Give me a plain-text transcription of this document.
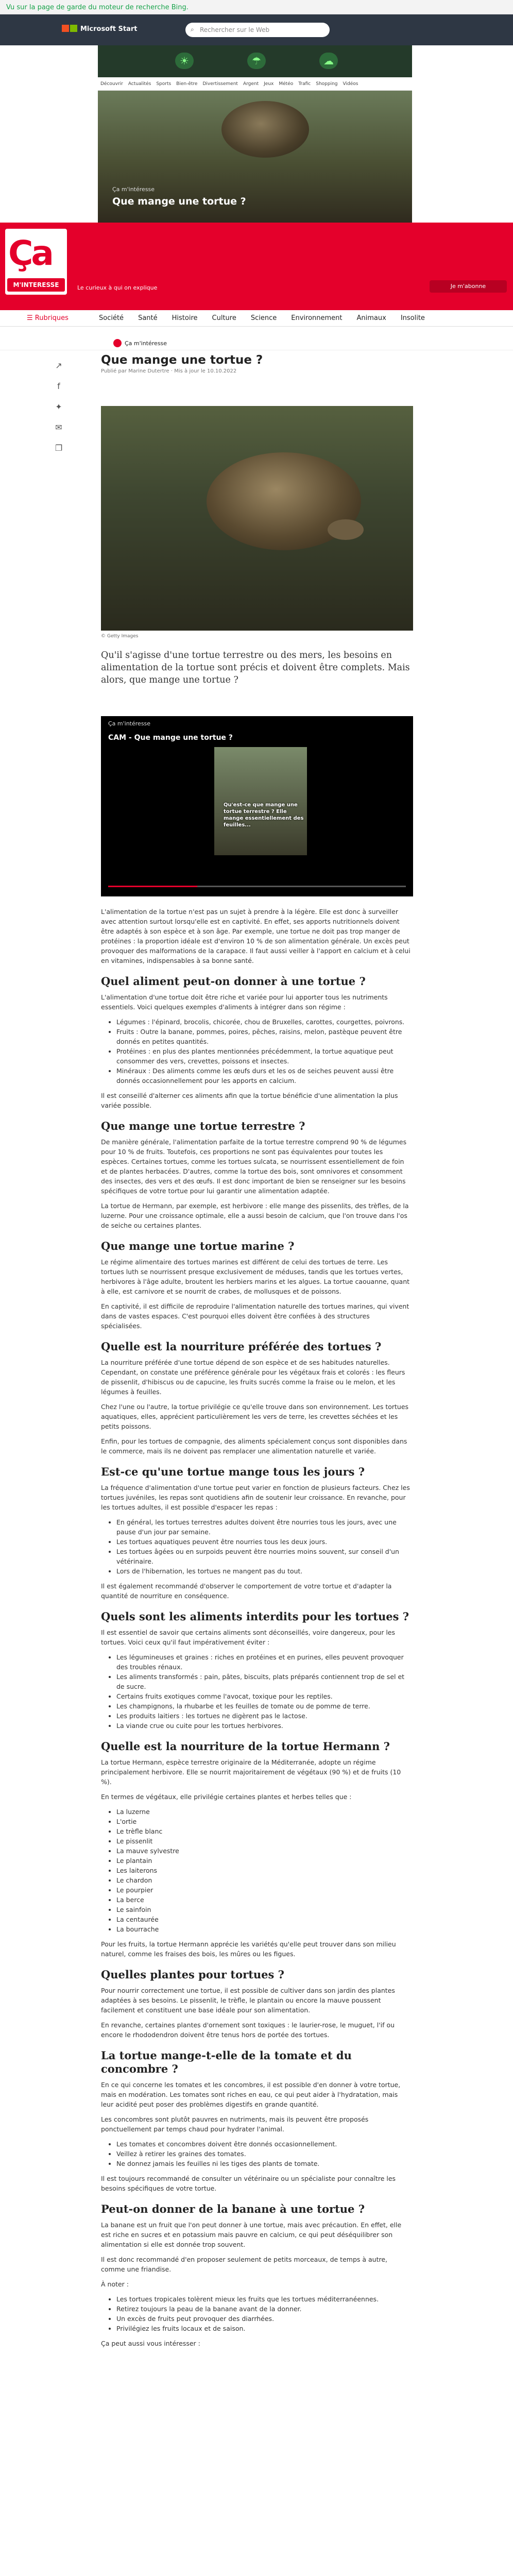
Vu sur la page de garde du moteur de recherche Bing.
Microsoft Start	⌕ Rechercher sur le Web
☀	☂	☁
Découvrir Actualités Sports Bien-être Divertissement Argent Jeux Météo Trafic Shopping Vidéos
Ça m'intéresse
Que mange une tortue ?
Ça
M'INTERESSE	Le curieux à qui on explique	Je m'abonne
☰ Rubriques	Société Santé Histoire Culture Science Environnement Animaux Insolite
Ça m'intéresse
↗
f
✦
✉
❐
Que mange une tortue ?
Publié par Marine Dutertre · Mis à jour le 10.10.2022
© Getty Images
Qu'il s'agisse d'une tortue terrestre ou des mers, les besoins en alimentation de la tortue sont précis et doivent être complets. Mais alors, que mange une tortue ?
Ça m'intéresse
CAM - Que mange une tortue ?
Qu'est-ce que mange une tortue terrestre ? Elle mange essentiellement des feuilles...

L'alimentation de la tortue n'est pas un sujet à prendre à la légère. Elle est donc à surveiller avec attention surtout lorsqu'elle est en captivité. En effet, ses apports nutritionnels doivent être adaptés à son espèce et à son âge. Par exemple, une tortue ne doit pas trop manger de protéines : la proportion idéale est d'environ 10 % de son alimentation générale. Un excès peut provoquer des malformations de la carapace. Il faut aussi veiller à l'apport en calcium et à celui en vitamines, indispensables à sa bonne santé.

Quel aliment peut-on donner à une tortue ?

L'alimentation d'une tortue doit être riche et variée pour lui apporter tous les nutriments essentiels. Voici quelques exemples d'aliments à intégrer dans son régime :

• Légumes : l'épinard, brocolis, chicorée, chou de Bruxelles, carottes, courgettes, poivrons.
• Fruits : Outre la banane, pommes, poires, pêches, raisins, melon, pastèque peuvent être donnés en petites quantités.
• Protéines : en plus des plantes mentionnées précédemment, la tortue aquatique peut consommer des vers, crevettes, poissons et insectes.
• Minéraux : Des aliments comme les œufs durs et les os de seiches peuvent aussi être donnés occasionnellement pour les apports en calcium.

Il est conseillé d'alterner ces aliments afin que la tortue bénéficie d'une alimentation la plus variée possible.

Que mange une tortue terrestre ?

De manière générale, l'alimentation parfaite de la tortue terrestre comprend 90 % de légumes pour 10 % de fruits. Toutefois, ces proportions ne sont pas équivalentes pour toutes les espèces. Certaines tortues, comme les tortues sulcata, se nourrissent essentiellement de foin et de plantes herbacées. D'autres, comme la tortue des bois, sont omnivores et consomment des insectes, des vers et des œufs. Il est donc important de bien se renseigner sur les besoins spécifiques de votre tortue pour lui garantir une alimentation adaptée.

La tortue de Hermann, par exemple, est herbivore : elle mange des pissenlits, des trèfles, de la luzerne. Pour une croissance optimale, elle a aussi besoin de calcium, que l'on trouve dans l'os de seiche ou certaines plantes.

Que mange une tortue marine ?

Le régime alimentaire des tortues marines est différent de celui des tortues de terre. Les tortues luth se nourrissent presque exclusivement de méduses, tandis que les tortues vertes, herbivores à l'âge adulte, broutent les herbiers marins et les algues. La tortue caouanne, quant à elle, est carnivore et se nourrit de crabes, de mollusques et de poissons.

En captivité, il est difficile de reproduire l'alimentation naturelle des tortues marines, qui vivent dans de vastes espaces. C'est pourquoi elles doivent être confiées à des structures spécialisées.

Quelle est la nourriture préférée des tortues ?

La nourriture préférée d'une tortue dépend de son espèce et de ses habitudes naturelles. Cependant, on constate une préférence générale pour les végétaux frais et colorés : les fleurs de pissenlit, d'hibiscus ou de capucine, les fruits sucrés comme la fraise ou le melon, et les légumes à feuilles.

Chez l'une ou l'autre, la tortue privilégie ce qu'elle trouve dans son environnement. Les tortues aquatiques, elles, apprécient particulièrement les vers de terre, les crevettes séchées et les petits poissons.

Enfin, pour les tortues de compagnie, des aliments spécialement conçus sont disponibles dans le commerce, mais ils ne doivent pas remplacer une alimentation naturelle et variée.

Est-ce qu'une tortue mange tous les jours ?

La fréquence d'alimentation d'une tortue peut varier en fonction de plusieurs facteurs. Chez les tortues juvéniles, les repas sont quotidiens afin de soutenir leur croissance. En revanche, pour les tortues adultes, il est possible d'espacer les repas :

• En général, les tortues terrestres adultes doivent être nourries tous les jours, avec une pause d'un jour par semaine.
• Les tortues aquatiques peuvent être nourries tous les deux jours.
• Les tortues âgées ou en surpoids peuvent être nourries moins souvent, sur conseil d'un vétérinaire.
• Lors de l'hibernation, les tortues ne mangent pas du tout.

Il est également recommandé d'observer le comportement de votre tortue et d'adapter la quantité de nourriture en conséquence.

Quels sont les aliments interdits pour les tortues ?

Il est essentiel de savoir que certains aliments sont déconseillés, voire dangereux, pour les tortues. Voici ceux qu'il faut impérativement éviter :

• Les légumineuses et graines : riches en protéines et en purines, elles peuvent provoquer des troubles rénaux.
• Les aliments transformés : pain, pâtes, biscuits, plats préparés contiennent trop de sel et de sucre.
• Certains fruits exotiques comme l'avocat, toxique pour les reptiles.
• Les champignons, la rhubarbe et les feuilles de tomate ou de pomme de terre.
• Les produits laitiers : les tortues ne digèrent pas le lactose.
• La viande crue ou cuite pour les tortues herbivores.
Quelle est la nourriture de la tortue Hermann ?

La tortue Hermann, espèce terrestre originaire de la Méditerranée, adopte un régime principalement herbivore. Elle se nourrit majoritairement de végétaux (90 %) et de fruits (10 %).

En termes de végétaux, elle privilégie certaines plantes et herbes telles que :

• La luzerne
• L'ortie
• Le trèfle blanc
• Le pissenlit
• La mauve sylvestre
• Le plantain
• Les laiterons
• Le chardon
• Le pourpier
• La berce
• Le sainfoin
• La centaurée
• La bourrache

Pour les fruits, la tortue Hermann apprécie les variétés qu'elle peut trouver dans son milieu naturel, comme les fraises des bois, les mûres ou les figues.

Quelles plantes pour tortues ?

Pour nourrir correctement une tortue, il est possible de cultiver dans son jardin des plantes adaptées à ses besoins. Le pissenlit, le trèfle, le plantain ou encore la mauve poussent facilement et constituent une base idéale pour son alimentation.

En revanche, certaines plantes d'ornement sont toxiques : le laurier-rose, le muguet, l'if ou encore le rhododendron doivent être tenus hors de portée des tortues.

La tortue mange-t-elle de la tomate et du concombre ?

En ce qui concerne les tomates et les concombres, il est possible d'en donner à votre tortue, mais en modération. Les tomates sont riches en eau, ce qui peut aider à l'hydratation, mais leur acidité peut poser des problèmes digestifs en grande quantité.

Les concombres sont plutôt pauvres en nutriments, mais ils peuvent être proposés ponctuellement par temps chaud pour hydrater l'animal.

• Les tomates et concombres doivent être donnés occasionnellement.
• Veillez à retirer les graines des tomates.
• Ne donnez jamais les feuilles ni les tiges des plants de tomate.

Il est toujours recommandé de consulter un vétérinaire ou un spécialiste pour connaître les besoins spécifiques de votre tortue.

Peut-on donner de la banane à une tortue ?

La banane est un fruit que l'on peut donner à une tortue, mais avec précaution. En effet, elle est riche en sucres et en potassium mais pauvre en calcium, ce qui peut déséquilibrer son alimentation si elle est donnée trop souvent.

Il est donc recommandé d'en proposer seulement de petits morceaux, de temps à autre, comme une friandise.

À noter :

• Les tortues tropicales tolèrent mieux les fruits que les tortues méditerranéennes.
• Retirez toujours la peau de la banane avant de la donner.
• Un excès de fruits peut provoquer des diarrhées.
• Privilégiez les fruits locaux et de saison.

Ça peut aussi vous intéresser :
